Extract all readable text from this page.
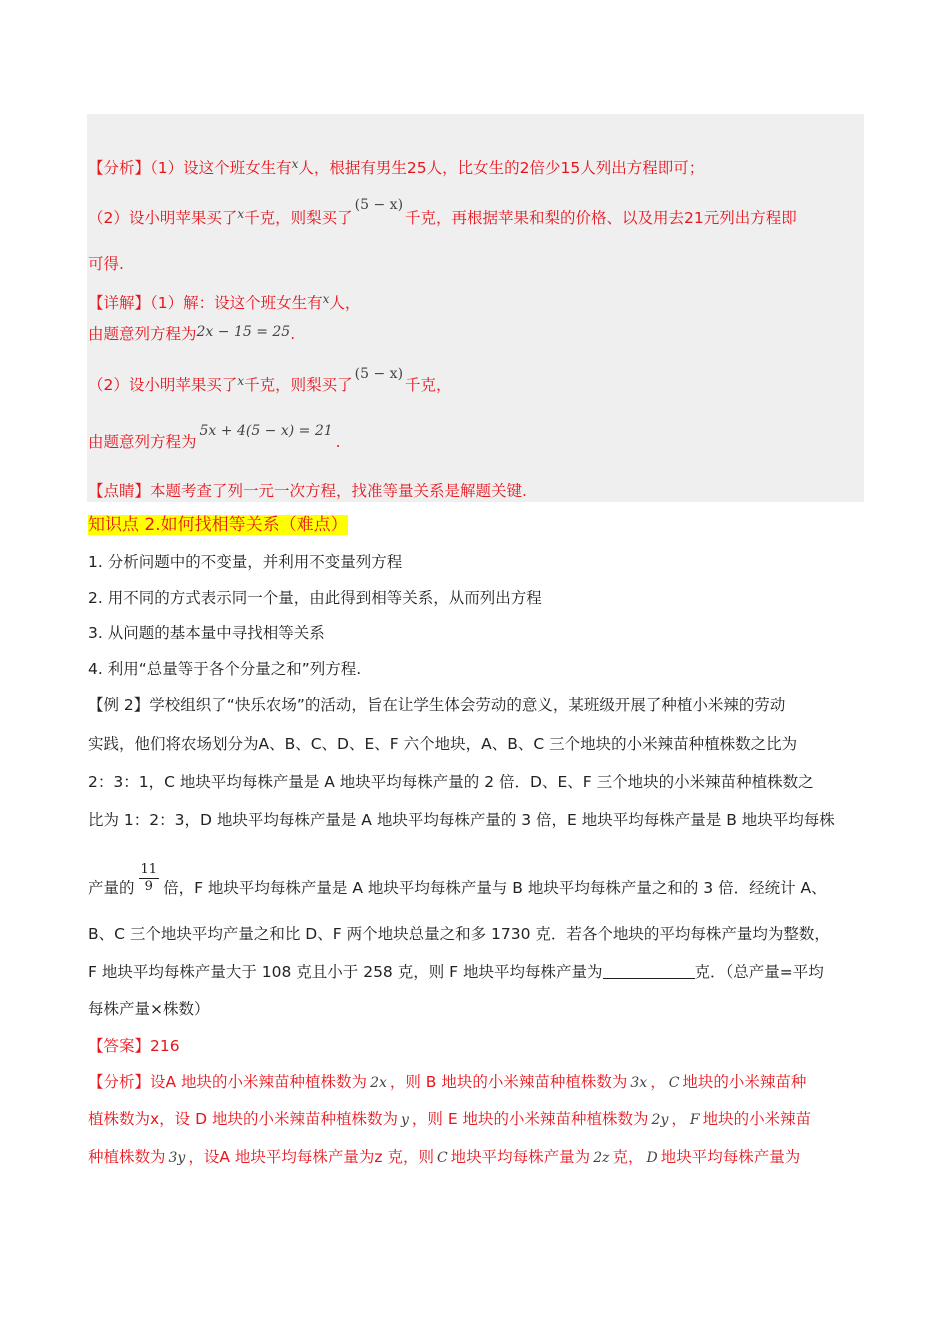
【分析】（1）设这个班女生有$^x$人，根据有男生25人，比女生的2倍少15人列出方程即可；
（2）设小明苹果买了$^x$千克，则梨买了(5 − x)千克，再根据苹果和梨的价格、以及用去21元列出方程即
可得.
【详解】（1）解：设这个班女生有$^x$人，
由题意列方程为2x − 15 = 25.
（2）设小明苹果买了$^x$千克，则梨买了(5 − x)千克，
由题意列方程为5x + 4(5 − x) = 21.
【点睛】本题考查了列一元一次方程，找准等量关系是解题关键.
知识点 2.如何找相等关系（难点）
1. 分析问题中的不变量，并利用不变量列方程
2. 用不同的方式表示同一个量，由此得到相等关系，从而列出方程
3. 从问题的基本量中寻找相等关系
4. 利用“总量等于各个分量之和”列方程.
【例 2】学校组织了“快乐农场”的活动，旨在让学生体会劳动的意义，某班级开展了种植小米辣的劳动
实践，他们将农场划分为A、B、C、D、E、F 六个地块，A、B、C 三个地块的小米辣苗种植株数之比为
2：3：1，C 地块平均每株产量是 A 地块平均每株产量的 2 倍．D、E、F 三个地块的小米辣苗种植株数之
比为 1：2：3，D 地块平均每株产量是 A 地块平均每株产量的 3 倍，E 地块平均每株产量是 B 地块平均每株
产量的 $\frac{11}{9}$ 倍，F 地块平均每株产量是 A 地块平均每株产量与 B 地块平均每株产量之和的 3 倍．经统计 A、
B、C 三个地块平均产量之和比 D、F 两个地块总量之和多 1730 克．若各个地块的平均每株产量均为整数，
F 地块平均每株产量大于 108 克且小于 258 克，则 F 地块平均每株产量为	克．（总产量=平均
每株产量×株数）
【答案】216
【分析】设A 地块的小米辣苗种植株数为 2x ，则 B 地块的小米辣苗种植株数为 3x ， C 地块的小米辣苗种
植株数为x，设 D 地块的小米辣苗种植株数为 y ，则 E 地块的小米辣苗种植株数为 2y ， F 地块的小米辣苗
种植株数为 3y ，设A 地块平均每株产量为z 克，则 C 地块平均每株产量为 2z 克， D 地块平均每株产量为
